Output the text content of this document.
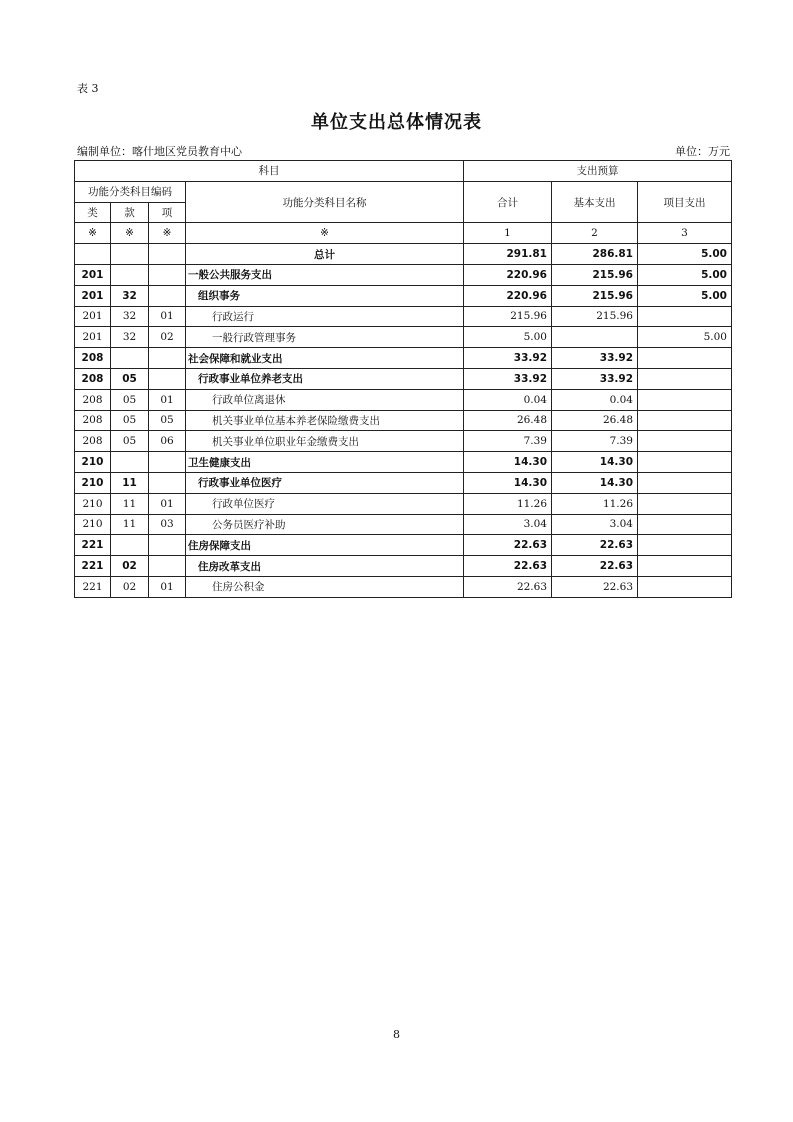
表 3
单位支出总体情况表
编制单位：喀什地区党员教育中心	单位：万元
科目				支出预算		
功能分类科目编码			功能分类科目名称	合计	基本支出	项目支出
类	款	项				
※	※	※	※	1	2	3
			总计	291.81	286.81	5.00
201			一般公共服务支出	220.96	215.96	5.00
201	32		组织事务	220.96	215.96	5.00
201	32	01	行政运行	215.96	215.96	
201	32	02	一般行政管理事务	5.00		5.00
208			社会保障和就业支出	33.92	33.92	
208	05		行政事业单位养老支出	33.92	33.92	
208	05	01	行政单位离退休	0.04	0.04	
208	05	05	机关事业单位基本养老保险缴费支出	26.48	26.48	
208	05	06	机关事业单位职业年金缴费支出	7.39	7.39	
210			卫生健康支出	14.30	14.30	
210	11		行政事业单位医疗	14.30	14.30	
210	11	01	行政单位医疗	11.26	11.26	
210	11	03	公务员医疗补助	3.04	3.04	
221			住房保障支出	22.63	22.63	
221	02		住房改革支出	22.63	22.63	
221	02	01	住房公积金	22.63	22.63	
8
